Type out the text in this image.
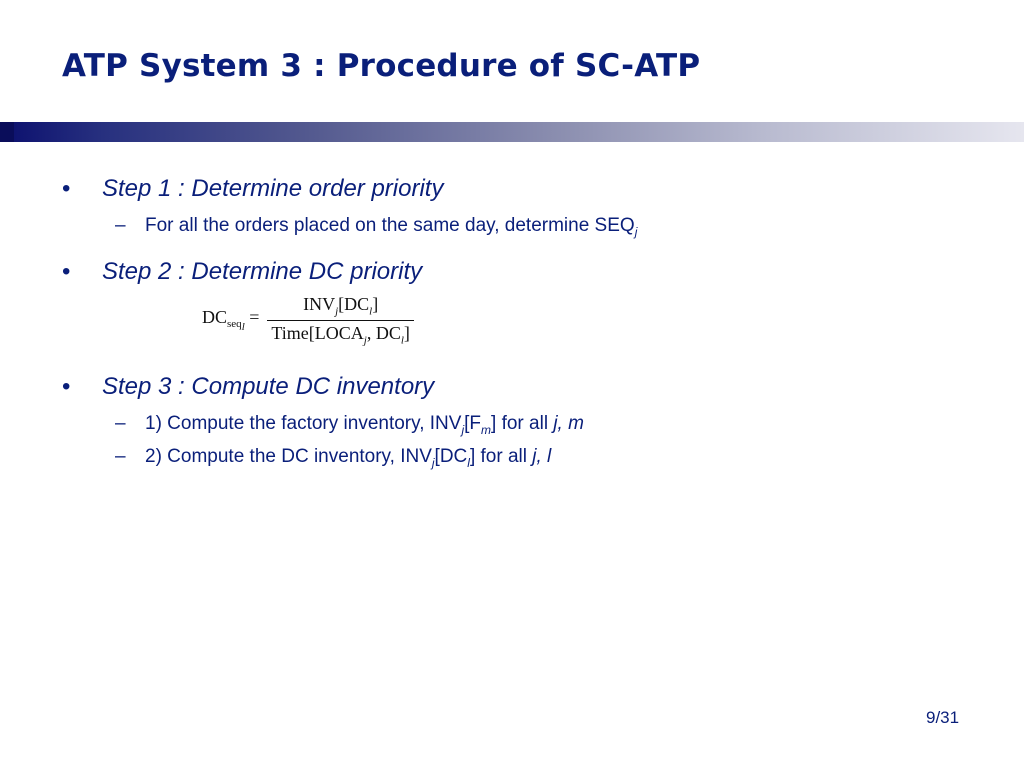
ATP System 3 : Procedure of SC-ATP
• Step 1 : Determine order priority
– For all the orders placed on the same day, determine $SEQ_j$
• Step 2 : Determine DC priority
$DC_{seq_l} = \frac{INV_j[DC_l]}{Time[LOCA_j, DC_l]}$
• Step 3 : Compute DC inventory
– 1) Compute the factory inventory, $INV_j[F_m]$ for all j, m
– 2) Compute the DC inventory, $INV_j[DC_l]$ for all j, l
9/31
